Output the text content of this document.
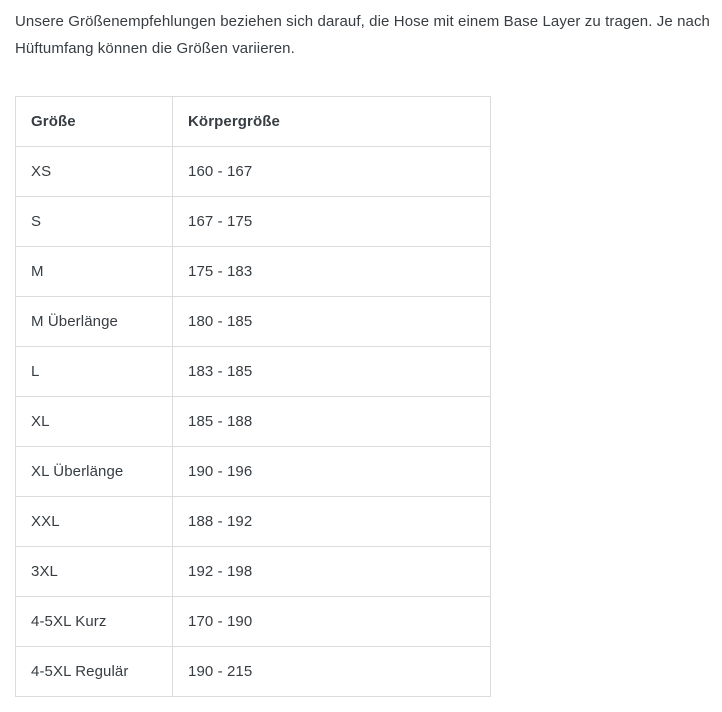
Unsere Größenempfehlungen beziehen sich darauf, die Hose mit einem Base Layer zu tragen. Je nach
Hüftumfang können die Größen variieren.
Größe	Körpergröße
XS	160 - 167
S	167 - 175
M	175 - 183
M Überlänge	180 - 185
L	183 - 185
XL	185 - 188
XL Überlänge	190 - 196
XXL	188 - 192
3XL	192 - 198
4-5XL Kurz	170 - 190
4-5XL Regulär	190 - 215
